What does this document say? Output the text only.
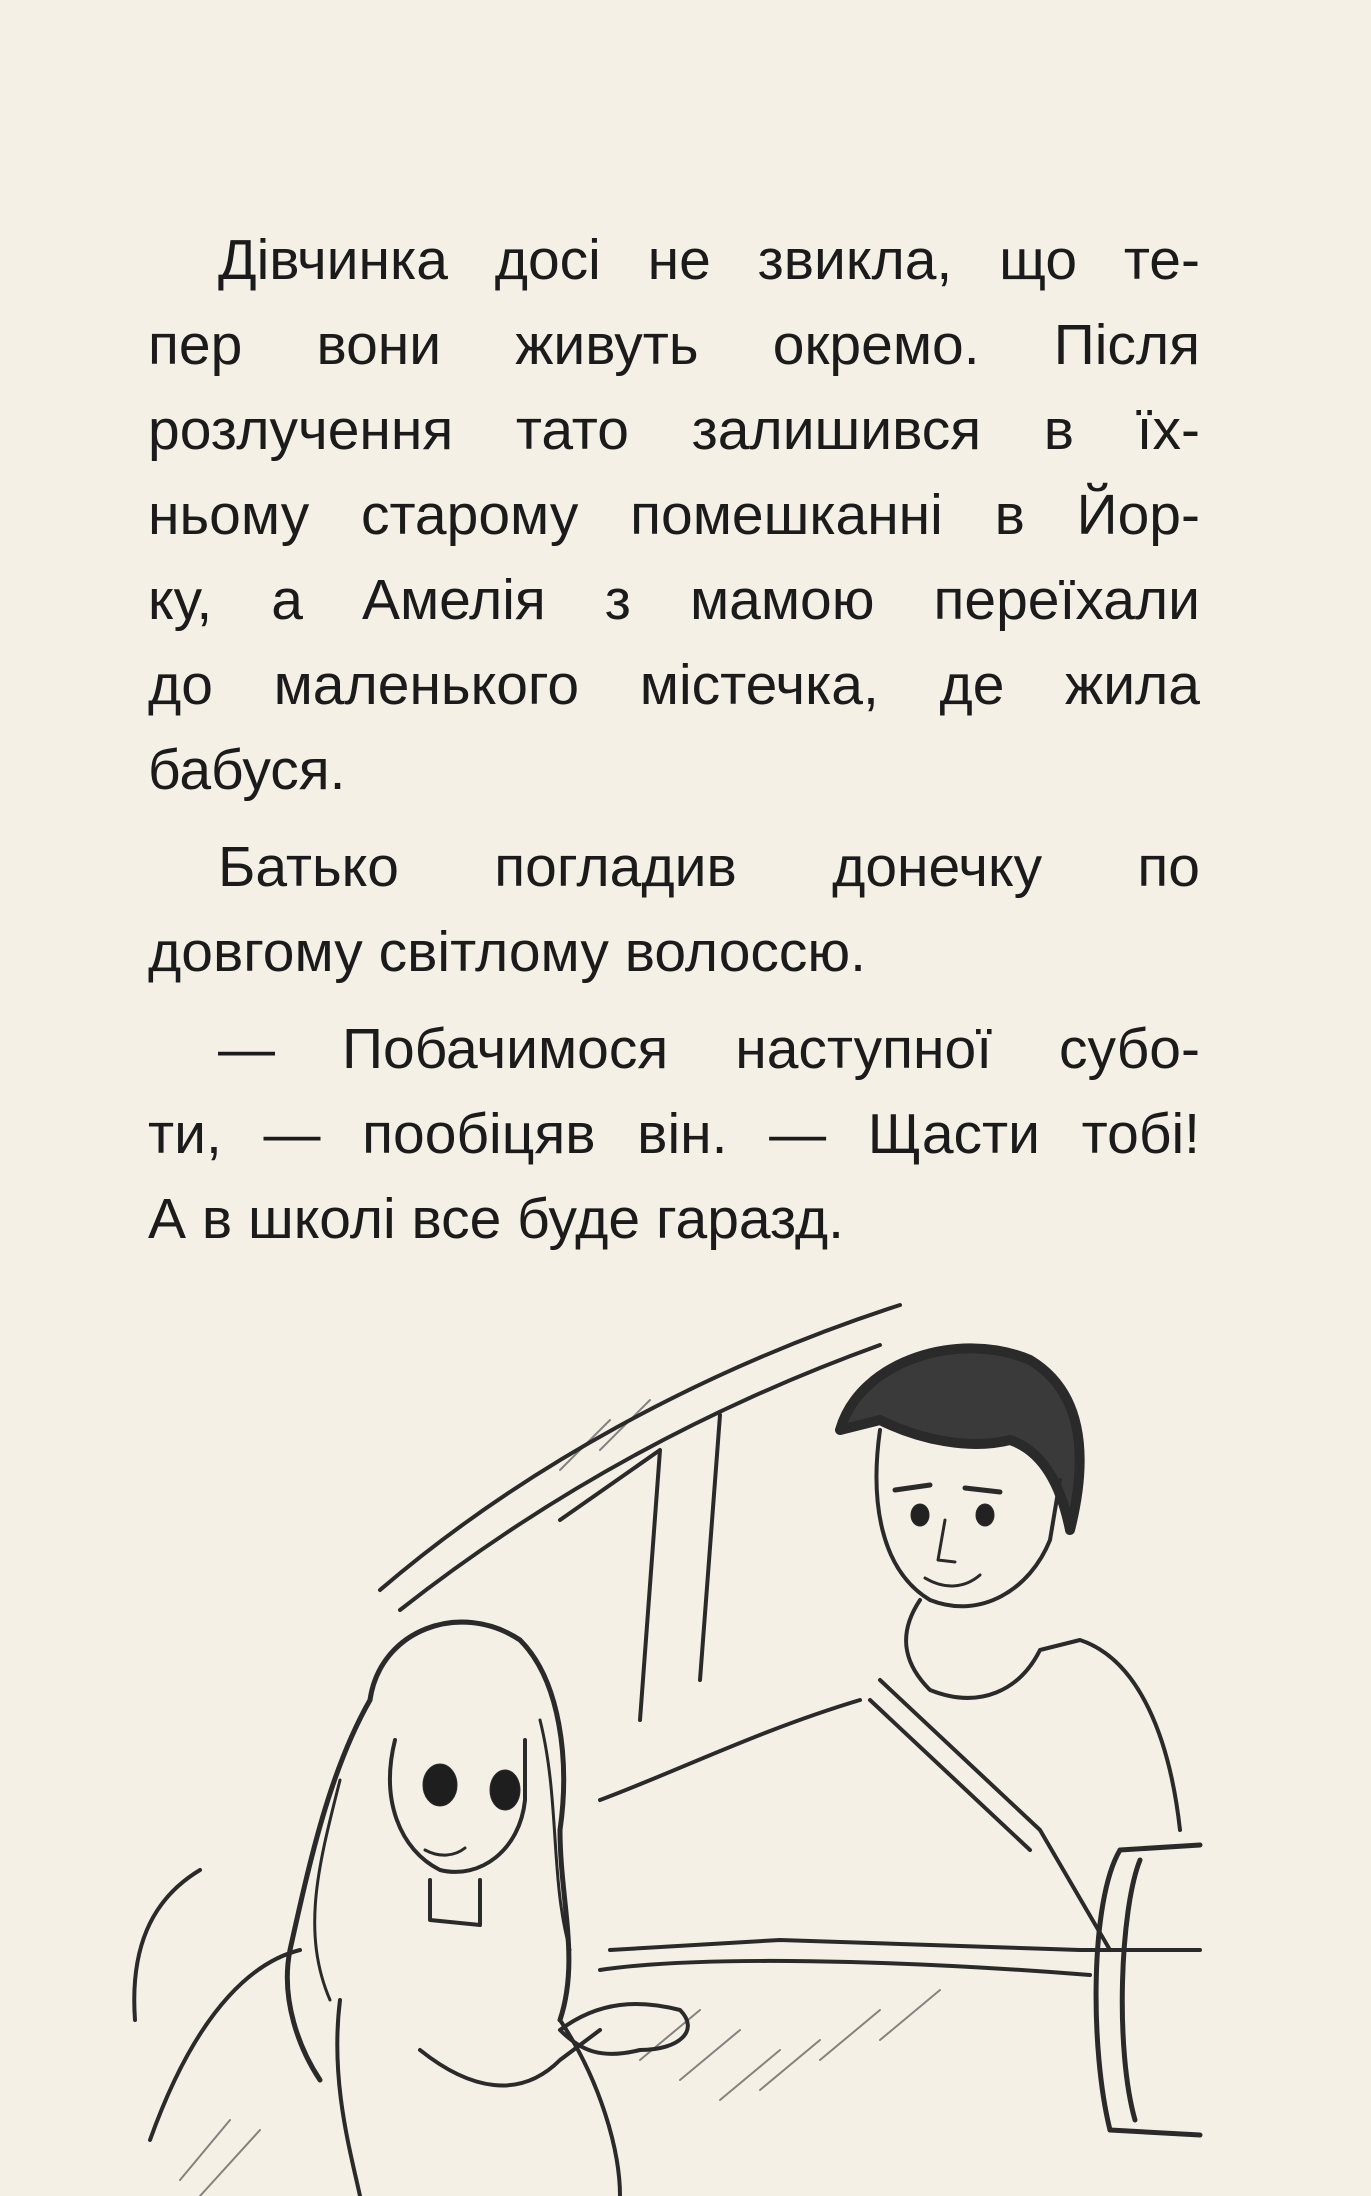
Дівчинка досі не звикла, що те-
пер вони живуть окремо. Після
розлучення тато залишився в їх-
ньому старому помешканні в Йор-
ку, а Амелія з мамою переїхали
до маленького містечка, де жила
бабуся.

Батько погладив донечку по
довгому світлому волоссю.

— Побачимося наступної субо-
ти, — пообіцяв він. — Щасти тобі!
А в школі все буде гаразд.
